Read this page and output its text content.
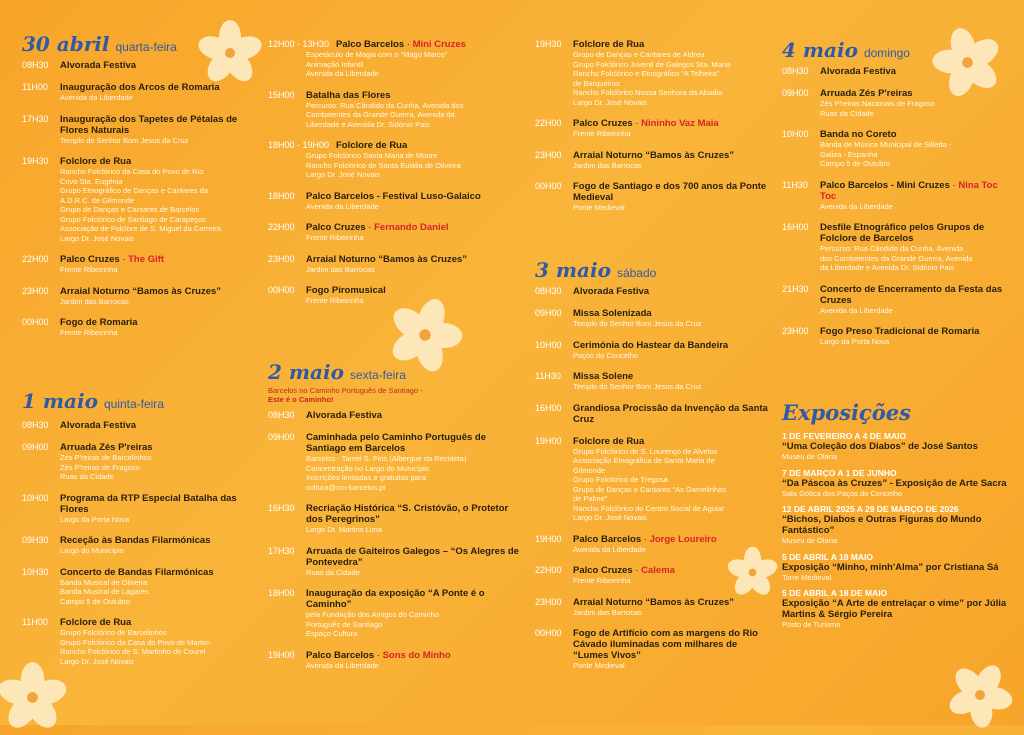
30 abril quarta-feira
08H30	Alvorada Festiva
11H00	Inauguração dos Arcos de Romaria
Avenida da Liberdade
17H30	Inauguração dos Tapetes de Pétalas de Flores Naturais
Templo do Senhor Bom Jesus da Cruz
19H30	Folclore de Rua
Rancho Folclórico da Casa do Povo de Rio
Covo Sta. Eugénia
Grupo Etnográfico de Danças e Cantares da
A.D.R.C. de Gilmonde
Grupo de Danças e Cantares de Barcelos
Grupo Folclórico de Santiago de Carapeços
Associação de Folclore de S. Miguel da Carreira
Largo Dr. José Novais
22H00	Palco Cruzes · The Gift
Frente Ribeirinha
23H00	Arraial Noturno “Bamos às Cruzes”
Jardim das Barrocas
00H00	Fogo de Romaria
Frente Ribeirinha
1 maio quinta-feira
08H30	Alvorada Festiva
09H00	Arruada Zés P'reiras
Zés P'reiras de Barcelinhos
Zés P'reiras de Fragoso
Ruas da Cidade
10H00	Programa da RTP Especial Batalha das Flores
Largo da Porta Nova
09H30	Receção às Bandas Filarmónicas
Largo do Município
10H30	Concerto de Bandas Filarmónicas
Banda Musical de Oliveira
Banda Musical de Lagares
Campo 5 de Outubro
11H00	Folclore de Rua
Grupo Folclórico de Barcelinhos
Grupo Folclórico da Casa do Povo de Martim
Rancho Folclórico de S. Martinho de Courel
Largo Dr. José Novais
12H00 - 13H30 Palco Barcelos · Mini Cruzes
Espetáculo de Magia com o “Mago Marco”
Animação Infantil
Avenida da Liberdade
15H00	Batalha das Flores
Percurso: Rua Cândido da Cunha, Avenida dos
Combatentes da Grande Guerra, Avenida da
Liberdade e Avenida Dr. Sidónio Pais
18H00 - 19H00 Folclore de Rua
Grupo Folclórico Santa Maria de Moure
Rancho Folclórico de Santa Eulália de Oliveira
Largo Dr. José Novais
18H00	Palco Barcelos - Festival Luso-Galaico
Avenida da Liberdade
22H00	Palco Cruzes · Fernando Daniel
Frente Ribeirinha
23H00	Arraial Noturno “Bamos às Cruzes”
Jardim das Barrocas
00H00	Fogo Piromusical
Frente Ribeirinha
2 maio sexta-feira
Barcelos no Caminho Português de Santiago -
Este é o Caminho!
08H30	Alvorada Festiva
09H00	Caminhada pelo Caminho Português de Santiago em Barcelos
Barcelos - Tamel S. Fins (Albergue da Recoleta)
Concentração no Largo do Município
Inscrições limitadas e gratuitas para:
cultura@cm-barcelos.pt
16H30	Recriação Histórica “S. Cristóvão, o Protetor dos Peregrinos”
Largo Dr. Martins Lima
17H30	Arruada de Gaiteiros Galegos – “Os Alegres de Pontevedra”
Ruas da Cidade
18H00	Inauguração da exposição “A Ponte é o Caminho”
pela Fundação dos Amigos do Caminho
Português de Santiago
Espaço Cultura
19H00	Palco Barcelos · Sons do Minho
Avenida da Liberdade
19H30	Folclore de Rua
Grupo de Danças e Cantares de Aldreu
Grupo Folclórico Juvenil de Galegos Sta. Maria
Rancho Folclórico e Etnográfico “A Telheira”
de Barqueiros
Rancho Folclórico Nossa Senhora da Abadia
Largo Dr. José Novais
22H00	Palco Cruzes · Nininho Vaz Maia
Frente Ribeirinha
23H00	Arraial Noturno “Bamos às Cruzes”
Jardim das Barrocas
00H00	Fogo de Santiago e dos 700 anos da Ponte Medieval
Ponte Medieval
3 maio sábado
08H30	Alvorada Festiva
09H00	Missa Solenizada
Templo do Senhor Bom Jesus da Cruz
10H00	Cerimónia do Hastear da Bandeira
Paços do Concelho
11H30	Missa Solene
Templo do Senhor Bom Jesus da Cruz
16H00	Grandiosa Procissão da Invenção da Santa Cruz
19H00	Folclore de Rua
Grupo Folclórico de S. Lourenço de Alvelos
Associação Etnográfica de Santa Maria de
Gilmonde
Grupo Folclórico de Tregosa
Grupo de Danças e Cantares “As Gamelinhas
de Palme”
Rancho Folclórico do Centro Social de Aguiar
Largo Dr. José Novais
19H00	Palco Barcelos · Jorge Loureiro
Avenida da Liberdade
22H00	Palco Cruzes · Calema
Frente Ribeirinha
23H00	Arraial Noturno “Bamos às Cruzes”
Jardim das Barrocas
00H00	Fogo de Artifício com as margens do Rio Cávado iluminadas com milhares de “Lumes Vivos”
Ponte Medieval
4 maio domingo
08H30	Alvorada Festiva
09H00	Arruada Zés P'reiras
Zés P'reiras Nacionais de Fragoso
Ruas da Cidade
10H00	Banda no Coreto
Banda de Música Municipal de Silleda -
Galiza - Espanha
Campo 5 de Outubro
11H30	Palco Barcelos - Mini Cruzes · Nina Toc Toc
Avenida da Liberdade
16H00	Desfile Etnográfico pelos Grupos de Folclore de Barcelos
Percurso: Rua Cândido da Cunha, Avenida
dos Combatentes da Grande Guerra, Avenida
da Liberdade e Avenida Dr. Sidónio Pais
21H30	Concerto de Encerramento da Festa das Cruzes
Avenida da Liberdade
23H00	Fogo Preso Tradicional de Romaria
Largo da Porta Nova
Exposições
1 DE FEVEREIRO A 4 DE MAIO
“Uma Coleção dos Diabos” de José Santos
Museu de Olaria
7 DE MARÇO A 1 DE JUNHO
“Da Páscoa às Cruzes” - Exposição de Arte Sacra
Sala Gótica dos Paços do Concelho
12 DE ABRIL 2025 A 29 DE MARÇO DE 2026
“Bichos, Diabos e Outras Figuras do Mundo Fantástico”
Museu de Olaria
5 DE ABRIL A 18 MAIO
Exposição “Minho, minh'Alma” por Cristiana Sá
Torre Medieval
5 DE ABRIL A 18 DE MAIO
Exposição “A Arte de entrelaçar o vime” por Júlia Martins & Sérgio Pereira
Posto de Turismo
